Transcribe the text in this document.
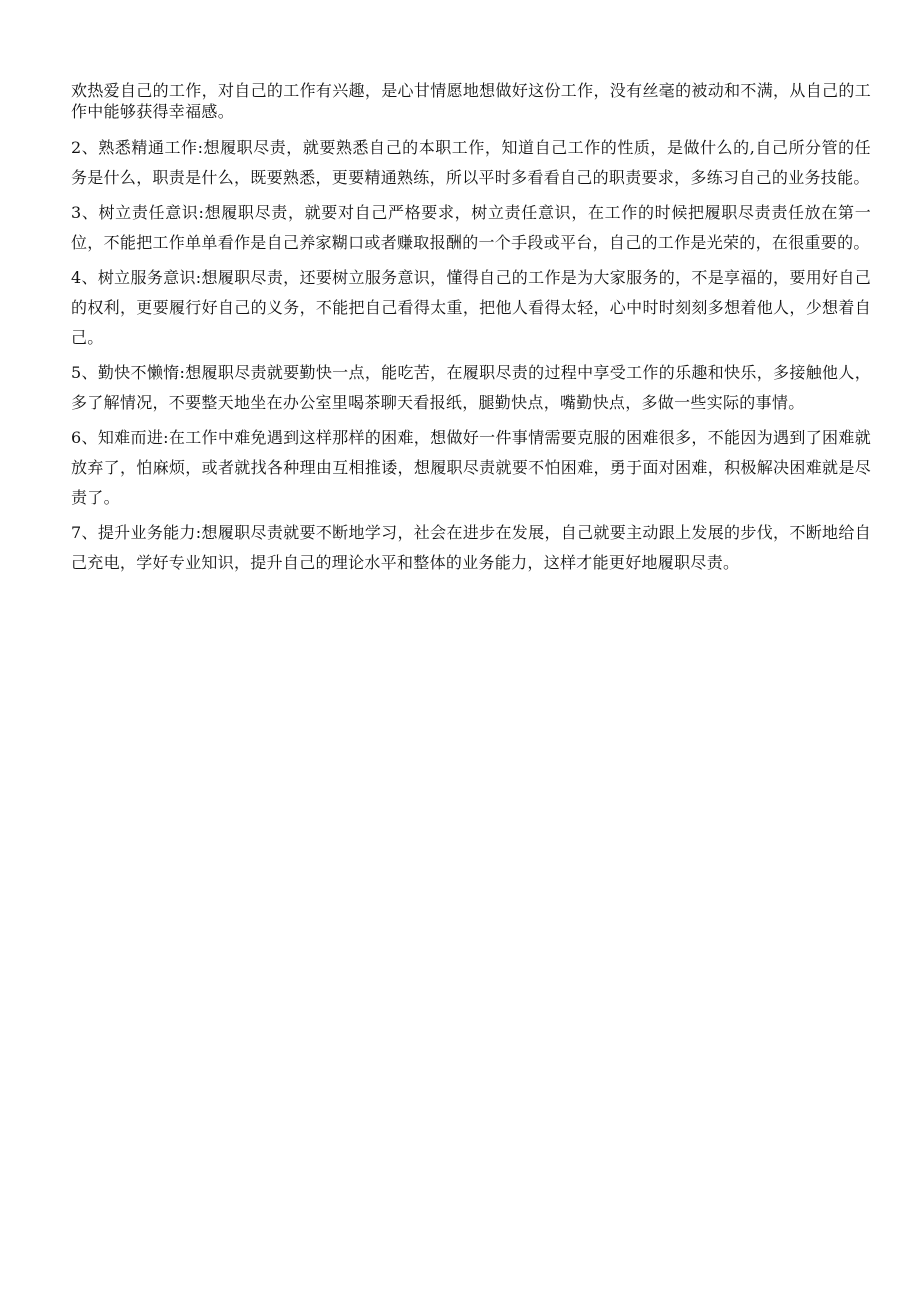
欢热爱自己的工作，对自己的工作有兴趣，是心甘情愿地想做好这份工作，没有丝毫的被动和不满，从自己的工作中能够获得幸福感。

2、熟悉精通工作:想履职尽责，就要熟悉自己的本职工作，知道自己工作的性质，是做什么的,自己所分管的任务是什么，职责是什么，既要熟悉，更要精通熟练，所以平时多看看自己的职责要求，多练习自己的业务技能。

3、树立责任意识:想履职尽责，就要对自己严格要求，树立责任意识，在工作的时候把履职尽责责任放在第一位，不能把工作单单看作是自己养家糊口或者赚取报酬的一个手段或平台，自己的工作是光荣的，在很重要的。

4、树立服务意识:想履职尽责，还要树立服务意识，懂得自己的工作是为大家服务的，不是享福的，要用好自己的权利，更要履行好自己的义务，不能把自己看得太重，把他人看得太轻，心中时时刻刻多想着他人，少想着自己。

5、勤快不懒惰:想履职尽责就要勤快一点，能吃苦，在履职尽责的过程中享受工作的乐趣和快乐，多接触他人，多了解情况，不要整天地坐在办公室里喝茶聊天看报纸，腿勤快点，嘴勤快点，多做一些实际的事情。

6、知难而进:在工作中难免遇到这样那样的困难，想做好一件事情需要克服的困难很多，不能因为遇到了困难就放弃了，怕麻烦，或者就找各种理由互相推诿，想履职尽责就要不怕困难，勇于面对困难，积极解决困难就是尽责了。

7、提升业务能力:想履职尽责就要不断地学习，社会在进步在发展，自己就要主动跟上发展的步伐，不断地给自己充电，学好专业知识，提升自己的理论水平和整体的业务能力，这样才能更好地履职尽责。
